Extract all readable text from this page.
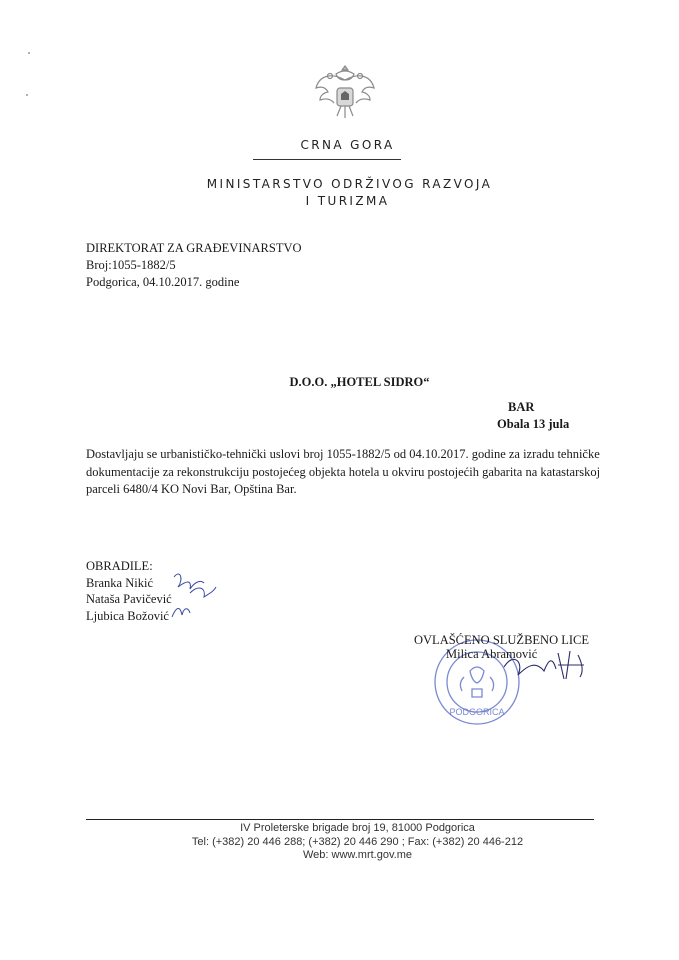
CRNA GORA
MINISTARSTVO ODRŽIVOG RAZVOJA
I TURIZMA
DIREKTORAT ZA GRAĐEVINARSTVO
Broj:1055-1882/5
Podgorica, 04.10.2017. godine
D.O.O. „HOTEL SIDRO“
BAR
Obala 13 jula
Dostavljaju se urbanističko-tehnički uslovi broj 1055-1882/5 od 04.10.2017. godine za izradu tehničke dokumentacije za rekonstrukciju postojećeg objekta hotela u okviru postojećih gabarita na katastarskoj parceli 6480/4 KO Novi Bar, Opština Bar.
OBRADILE:
Branka Nikić
Nataša Pavičević
Ljubica Božović
PODGORICA
OVLAŠĆENO SLUŽBENO LICE
Milica Abramović
IV Proleterske brigade broj 19, 81000 Podgorica
Tel: (+382) 20 446 288; (+382) 20 446 290 ; Fax: (+382) 20 446-212
Web: www.mrt.gov.me
